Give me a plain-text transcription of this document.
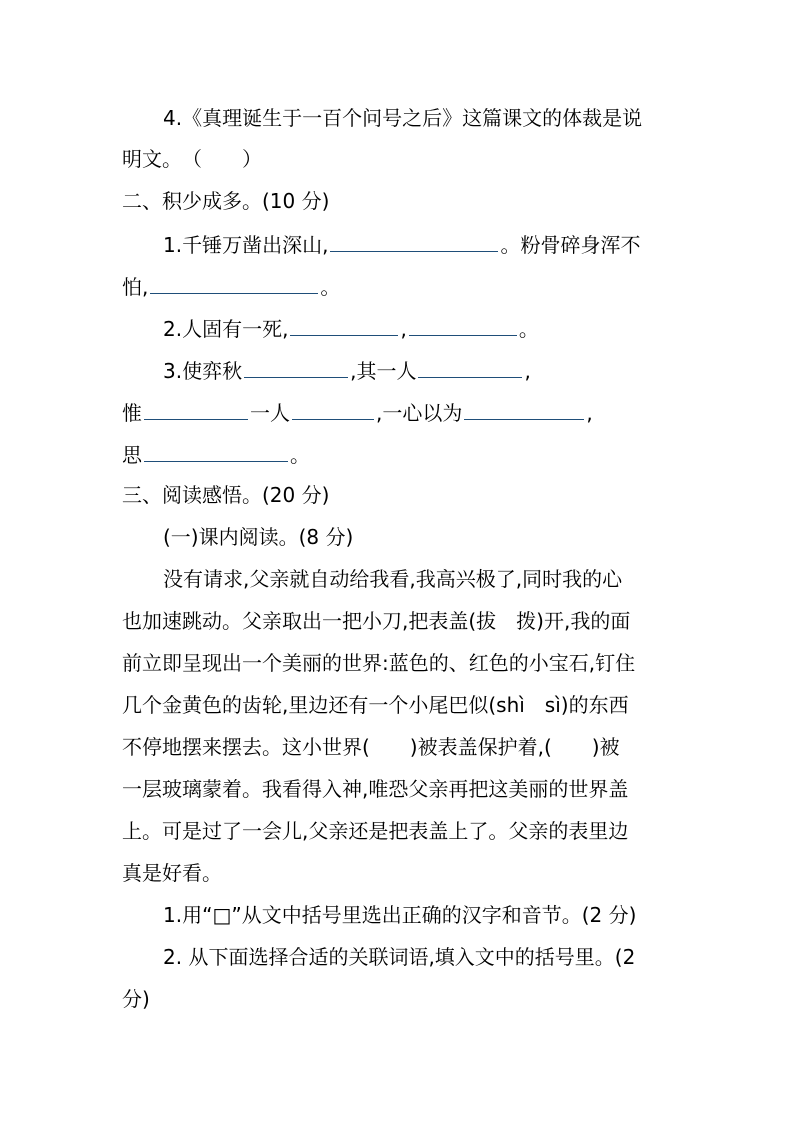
4.《真理诞生于一百个问号之后》这篇课文的体裁是说
明文。　（　　）
二、积少成多。(10 分)
1.千锤万凿出深山,	。粉骨碎身浑不
怕,	。
2.人固有一死,	,	。
3.使弈秋	,其一人	,
惟	一人	,一心以为	,
思	。
三、阅读感悟。(20 分)
(一)课内阅读。(8 分)
没有请求,父亲就自动给我看,我高兴极了,同时我的心
也加速跳动。父亲取出一把小刀,把表盖(拔　拨)开,我的面
前立即呈现出一个美丽的世界:蓝色的、红色的小宝石,钉住
几个金黄色的齿轮,里边还有一个小尾巴似(shì　sì)的东西
不停地摆来摆去。这小世界(　　)被表盖保护着,(　　)被
一层玻璃蒙着。我看得入神,唯恐父亲再把这美丽的世界盖
上。可是过了一会儿,父亲还是把表盖上了。父亲的表里边
真是好看。
1.用“□”从文中括号里选出正确的汉字和音节。(2 分)
2. 从下面选择合适的关联词语,填入文中的括号里。(2
分)
